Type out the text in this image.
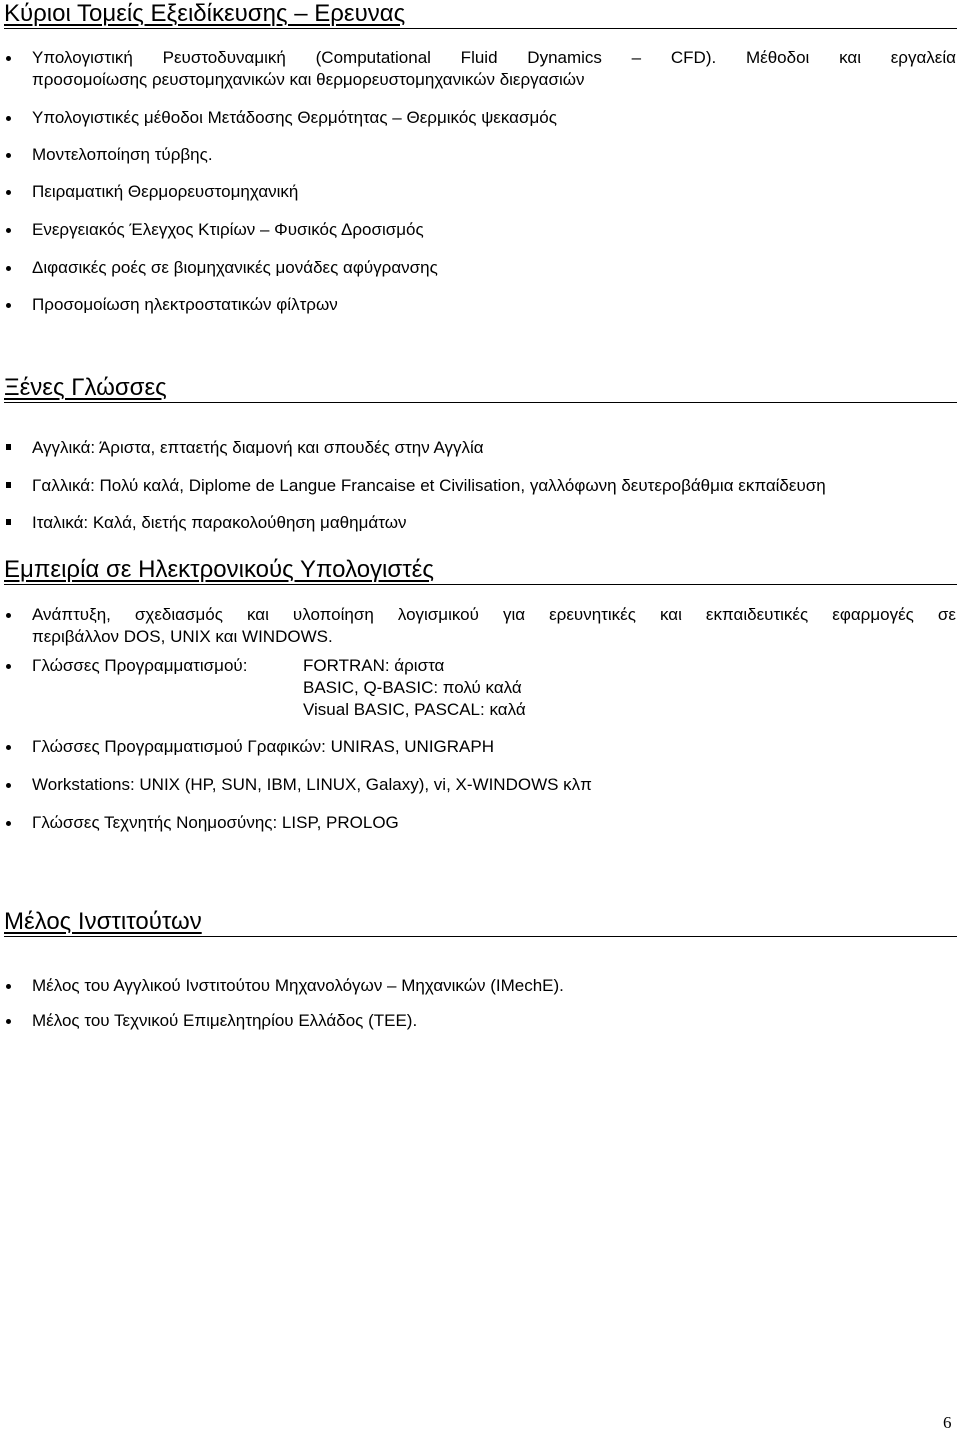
Κύριοι Τομείς Εξειδίκευσης – Ερευνας
Υπολογιστική Ρευστοδυναμική (Computational Fluid Dynamics – CFD). Μέθοδοι και εργαλεία
προσομοίωσης ρευστομηχανικών και θερμορευστομηχανικών διεργασιών
Υπολογιστικές μέθοδοι Μετάδοσης Θερμότητας – Θερμικός ψεκασμός
Μοντελοποίηση τύρβης.
Πειραματική Θερμορευστομηχανική
Ενεργειακός Έλεγχος Κτιρίων – Φυσικός Δροσισμός
Διφασικές ροές σε βιομηχανικές μονάδες αφύγρανσης
Προσομοίωση ηλεκτροστατικών φίλτρων
Ξένες Γλώσσες
Αγγλικά: Άριστα, επταετής διαμονή και σπουδές στην Αγγλία
Γαλλικά: Πολύ καλά, Diplome de Langue Francaise et Civilisation, γαλλόφωνη δευτεροβάθμια εκπαίδευση
Ιταλικά: Καλά, διετής παρακολούθηση μαθημάτων
Εμπειρία σε Ηλεκτρονικούς Υπολογιστές
Ανάπτυξη, σχεδιασμός και υλοποίηση λογισμικού για ερευνητικές και εκπαιδευτικές εφαρμογές σε
περιβάλλον DOS, UNIX και WINDOWS.
Γλώσσες Προγραμματισμού:	FORTRAN: άριστα
BASIC, Q-BASIC: πολύ καλά
Visual BASIC, PASCAL: καλά
Γλώσσες Προγραμματισμού Γραφικών: UNIRAS, UNIGRAPH
Workstations: UNIX (HP, SUN, IBM, LINUX, Galaxy), vi, X-WINDOWS κλπ
Γλώσσες Τεχνητής Νοημοσύνης: LISP, PROLOG
Μέλος Ινστιτούτων
Μέλος του Αγγλικού Ινστιτούτου Μηχανολόγων – Μηχανικών (IMechE).
Μέλος του Τεχνικού Επιμελητηρίου Ελλάδος (ΤΕΕ).
6
